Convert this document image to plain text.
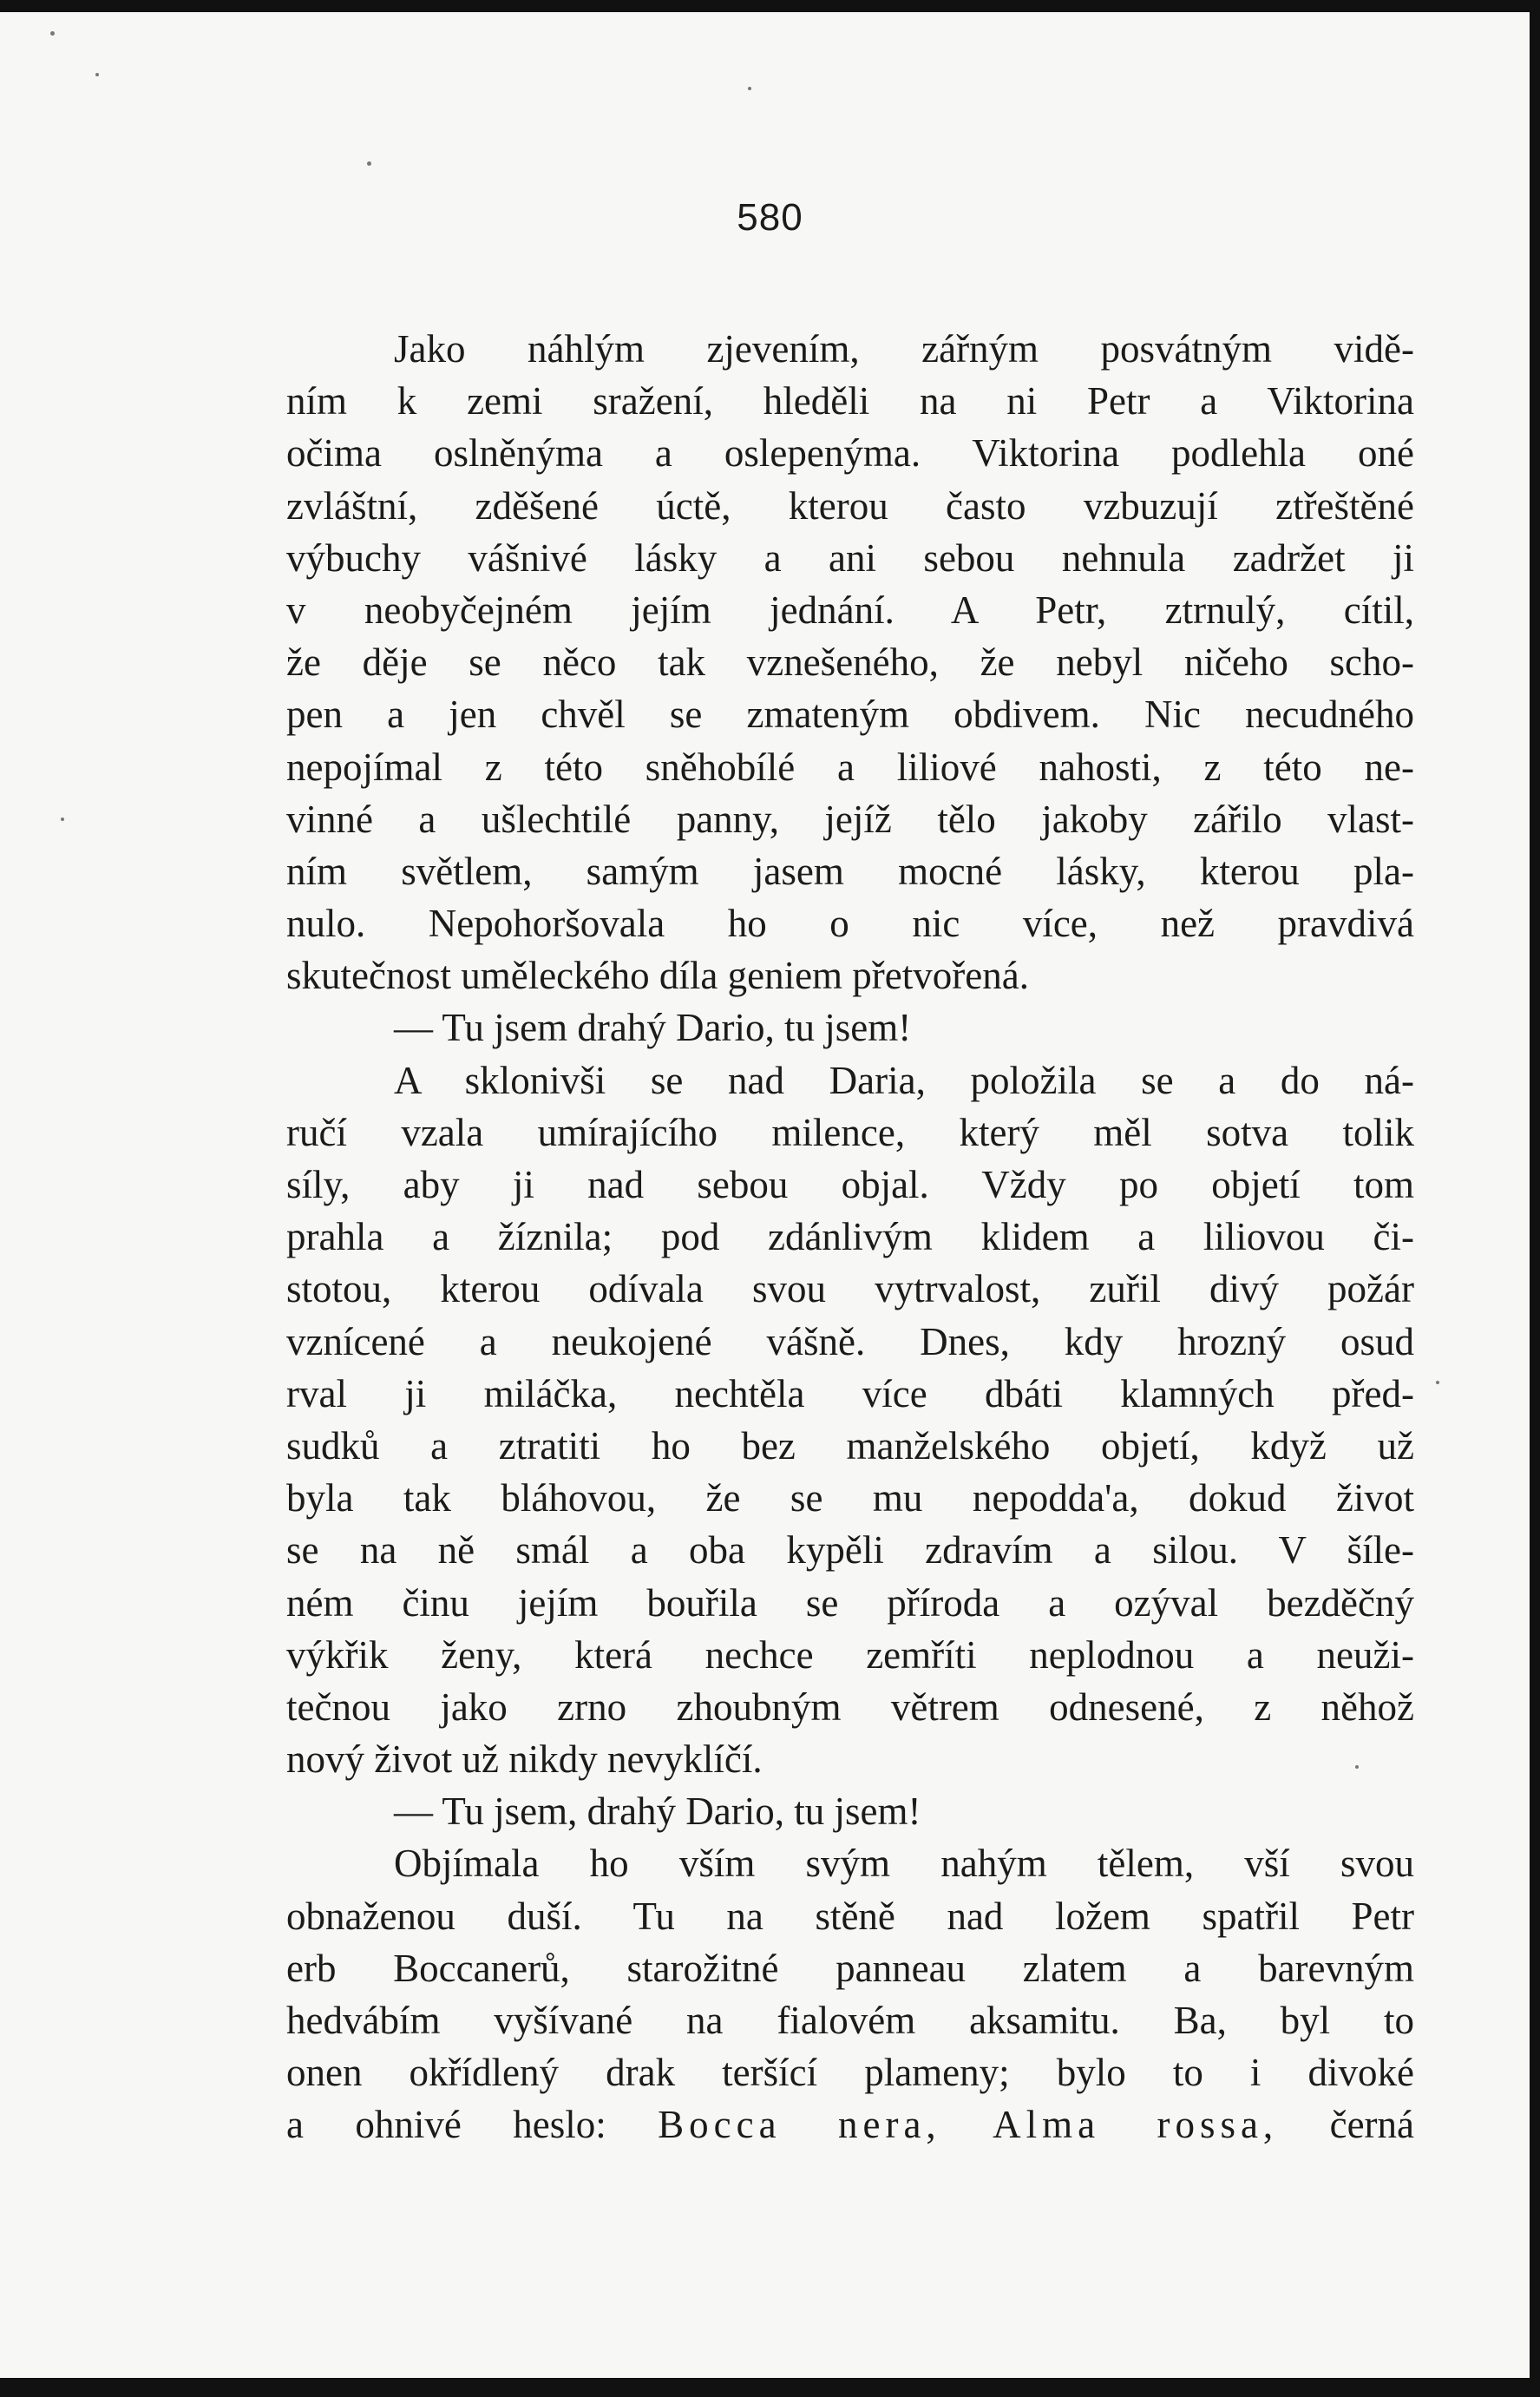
580
Jako náhlým zjevením, zářným posvátným vidě-
ním k zemi sražení, hleděli na ni Petr a Viktorina
očima oslněnýma a oslepenýma. Viktorina podlehla oné
zvláštní, zděšené úctě, kterou často vzbuzují ztřeštěné
výbuchy vášnivé lásky a ani sebou nehnula zadržet ji
v neobyčejném jejím jednání. A Petr, ztrnulý, cítil,
že děje se něco tak vznešeného, že nebyl ničeho scho-
pen a jen chvěl se zmateným obdivem. Nic necudného
nepojímal z této sněhobílé a liliové nahosti, z této ne-
vinné a ušlechtilé panny, jejíž tělo jakoby zářilo vlast-
ním světlem, samým jasem mocné lásky, kterou pla-
nulo. Nepohoršovala ho o nic více, než pravdivá
skutečnost uměleckého díla geniem přetvořená.
— Tu jsem drahý Dario, tu jsem!
A sklonivši se nad Daria, položila se a do ná-
ručí vzala umírajícího milence, který měl sotva tolik
síly, aby ji nad sebou objal. Vždy po objetí tom
prahla a žíznila; pod zdánlivým klidem a liliovou či-
stotou, kterou odívala svou vytrvalost, zuřil divý požár
vznícené a neukojené vášně. Dnes, kdy hrozný osud
rval ji miláčka, nechtěla více dbáti klamných před-
sudků a ztratiti ho bez manželského objetí, když už
byla tak bláhovou, že se mu nepodda'a, dokud život
se na ně smál a oba kypěli zdravím a silou. V šíle-
ném činu jejím bouřila se příroda a ozýval bezděčný
výkřik ženy, která nechce zemříti neplodnou a neuži-
tečnou jako zrno zhoubným větrem odnesené, z něhož
nový život už nikdy nevyklíčí.
— Tu jsem, drahý Dario, tu jsem!
Objímala ho vším svým nahým tělem, vší svou
obnaženou duší. Tu na stěně nad ložem spatřil Petr
erb Boccanerů, starožitné panneau zlatem a barevným
hedvábím vyšívané na fialovém aksamitu. Ba, byl to
onen okřídlený drak teršící plameny; bylo to i divoké
a ohnivé heslo: Bocca nera, Alma rossa, černá
